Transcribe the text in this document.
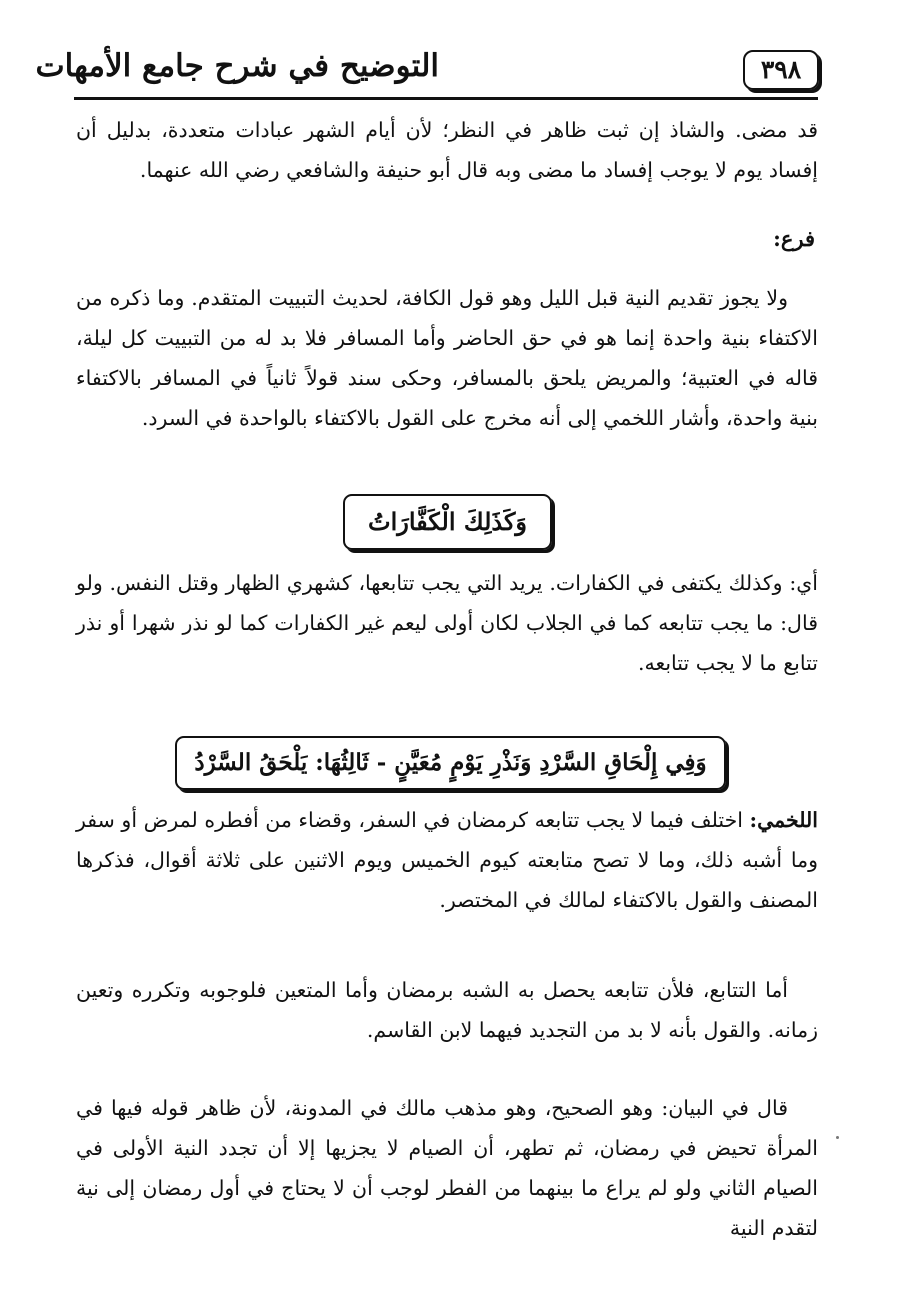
التوضيح في شرح جامع الأمهات	٣٩٨
قد مضى. والشاذ إن ثبت ظاهر في النظر؛ لأن أيام الشهر عبادات متعددة، بدليل أن إفساد يوم لا يوجب إفساد ما مضى وبه قال أبو حنيفة والشافعي رضي الله عنهما.
فرع:
ولا يجوز تقديم النية قبل الليل وهو قول الكافة، لحديث التبييت المتقدم. وما ذكره من الاكتفاء بنية واحدة إنما هو في حق الحاضر وأما المسافر فلا بد له من التبييت كل ليلة، قاله في العتبية؛ والمريض يلحق بالمسافر، وحكى سند قولاً ثانياً في المسافر بالاكتفاء بنية واحدة، وأشار اللخمي إلى أنه مخرج على القول بالاكتفاء بالواحدة في السرد.
وَكَذَلِكَ الْكَفَّارَاتُ
أي: وكذلك يكتفى في الكفارات. يريد التي يجب تتابعها، كشهري الظهار وقتل النفس. ولو قال: ما يجب تتابعه كما في الجلاب لكان أولى ليعم غير الكفارات كما لو نذر شهرا أو نذر تتابع ما لا يجب تتابعه.
وَفِي إِلْحَاقِ السَّرْدِ وَنَذْرِ يَوْمٍ مُعَيَّنٍ - ثَالِثُهَا: يَلْحَقُ السَّرْدُ
اللخمي: اختلف فيما لا يجب تتابعه كرمضان في السفر، وقضاء من أفطره لمرض أو سفر وما أشبه ذلك، وما لا تصح متابعته كيوم الخميس ويوم الاثنين على ثلاثة أقوال، فذكرها المصنف والقول بالاكتفاء لمالك في المختصر.
أما التتابع، فلأن تتابعه يحصل به الشبه برمضان وأما المتعين فلوجوبه وتكرره وتعين زمانه. والقول بأنه لا بد من التجديد فيهما لابن القاسم.
قال في البيان: وهو الصحيح، وهو مذهب مالك في المدونة، لأن ظاهر قوله فيها في المرأة تحيض في رمضان، ثم تطهر، أن الصيام لا يجزيها إلا أن تجدد النية الأولى في الصيام الثاني ولو لم يراع ما بينهما من الفطر لوجب أن لا يحتاج في أول رمضان إلى نية لتقدم النية
